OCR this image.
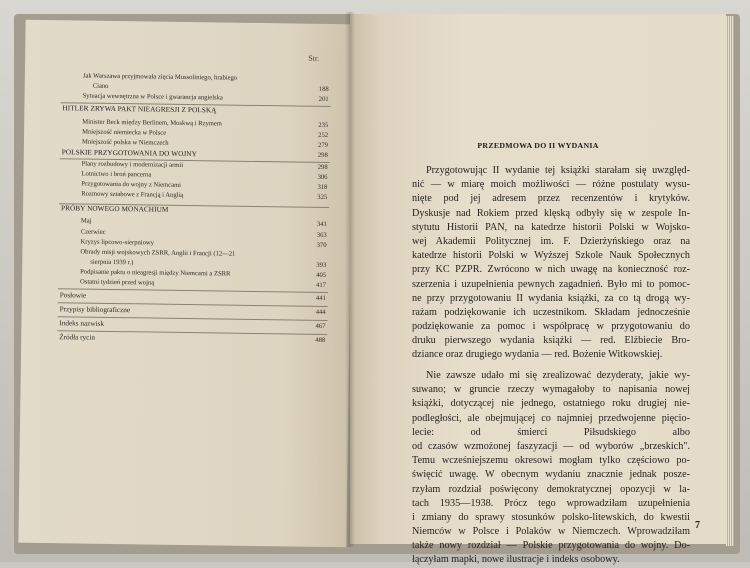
Str.
Jak Warszawa przyjmowała zięcia Mussoliniego, hrabiego
Ciano	188
Sytuacja wewnętrzna w Polsce i gwarancja angielska	201
HITLER ZRYWA PAKT NIEAGRESJI Z POLSKĄ
Minister Beck między Berlinem, Moskwą i Rzymem	235
Mniejszość niemiecka w Polsce	252
Mniejszość polska w Niemczech	279
POLSKIE PRZYGOTOWANIA DO WOJNY	298
Plany rozbudowy i modernizacji armii	298
Lotnictwo i broń pancerna	306
Przygotowania do wojny z Niemcami	318
Rozmowy sztabowe z Francją i Anglią	325
PRÓBY NOWEGO MONACHIUM
Maj	341
Czerwiec	363
Kryzys lipcowo-sierpniowy	370
Obrady misji wojskowych ZSRR, Anglii i Francji (12—21
sierpnia 1939 r.)	393
Podpisanie paktu o nieagresji między Niemcami a ZSRR	405
Ostatni tydzień przed wojną	417
Posłowie	441
Przypisy bibliograficzne	444
Indeks nazwisk	467
Źródła rycin	488
PRZEDMOWA DO II WYDANIA
Przygotowując II wydanie tej książki starałam się uwzględ-
nić — w miarę moich możliwości — różne postulaty wysu-
nięte pod jej adresem przez recenzentów i krytyków.
Dyskusje nad Rokiem przed klęską odbyły się w zespole In-
stytutu Historii PAN, na katedrze historii Polski w Wojsko-
wej Akademii Politycznej im. F. Dzierżyńskiego oraz na
katedrze historii Polski w Wyższej Szkole Nauk Społecznych
przy KC PZPR. Zwrócono w nich uwagę na konieczność roz-
szerzenia i uzupełnienia pewnych zagadnień. Było mi to pomoc-
ne przy przygotowaniu II wydania książki, za co tą drogą wy-
rażam podziękowanie ich uczestnikom. Składam jednocześnie
podziękowanie za pomoc i współpracę w przygotowaniu do
druku pierwszego wydania książki — red. Elżbiecie Bro-
dziance oraz drugiego wydania — red. Bożenie Witkowskiej.
Nie zawsze udało mi się zrealizować dezyderaty, jakie wy-
suwano; w gruncie rzeczy wymagałoby to napisania nowej
książki, dotyczącej nie jednego, ostatniego roku drugiej nie-
podległości, ale obejmującej co najmniej przedwojenne pięcio-
lecie: od śmierci Piłsudskiego albo
od czasów wzmożonej faszyzacji — od wyborów „brzeskich".
Temu wcześniejszemu okresowi mogłam tylko częściowo po-
święcić uwagę. W obecnym wydaniu znacznie jednak posze-
rzyłam rozdział poświęcony demokratycznej opozycji w la-
tach 1935—1938. Prócz tego wprowadziłam uzupełnienia
i zmiany do sprawy stosunków polsko-litewskich, do kwestii
Niemców w Polsce i Polaków w Niemczech. Wprowadziłam
także nowy rozdział — Polskie przygotowania do wojny. Do-
łączyłam mapki, nowe ilustracje i indeks osobowy.
7
